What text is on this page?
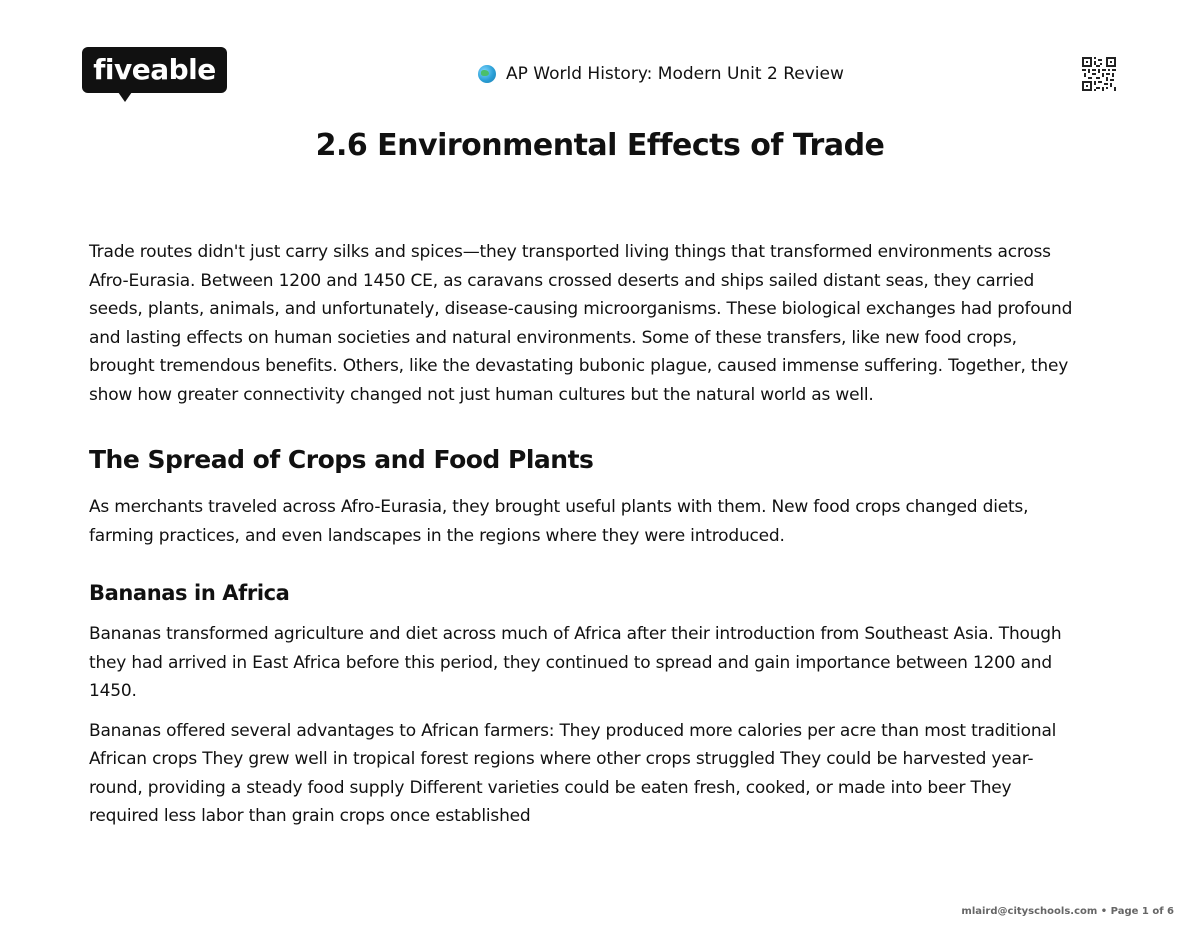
fiveable	AP World History: Modern Unit 2 Review
2.6 Environmental Effects of Trade

Trade routes didn't just carry silks and spices—they transported living things that transformed environments across Afro-Eurasia. Between 1200 and 1450 CE, as caravans crossed deserts and ships sailed distant seas, they carried seeds, plants, animals, and unfortunately, disease-causing microorganisms. These biological exchanges had profound and lasting effects on human societies and natural environments. Some of these transfers, like new food crops, brought tremendous benefits. Others, like the devastating bubonic plague, caused immense suffering. Together, they show how greater connectivity changed not just human cultures but the natural world as well.

The Spread of Crops and Food Plants

As merchants traveled across Afro-Eurasia, they brought useful plants with them. New food crops changed diets, farming practices, and even landscapes in the regions where they were introduced.

Bananas in Africa

Bananas transformed agriculture and diet across much of Africa after their introduction from Southeast Asia. Though they had arrived in East Africa before this period, they continued to spread and gain importance between 1200 and 1450.

Bananas offered several advantages to African farmers: They produced more calories per acre than most traditional African crops They grew well in tropical forest regions where other crops struggled They could be harvested year-round, providing a steady food supply Different varieties could be eaten fresh, cooked, or made into beer They required less labor than grain crops once established

mlaird@cityschools.com • Page 1 of 6
